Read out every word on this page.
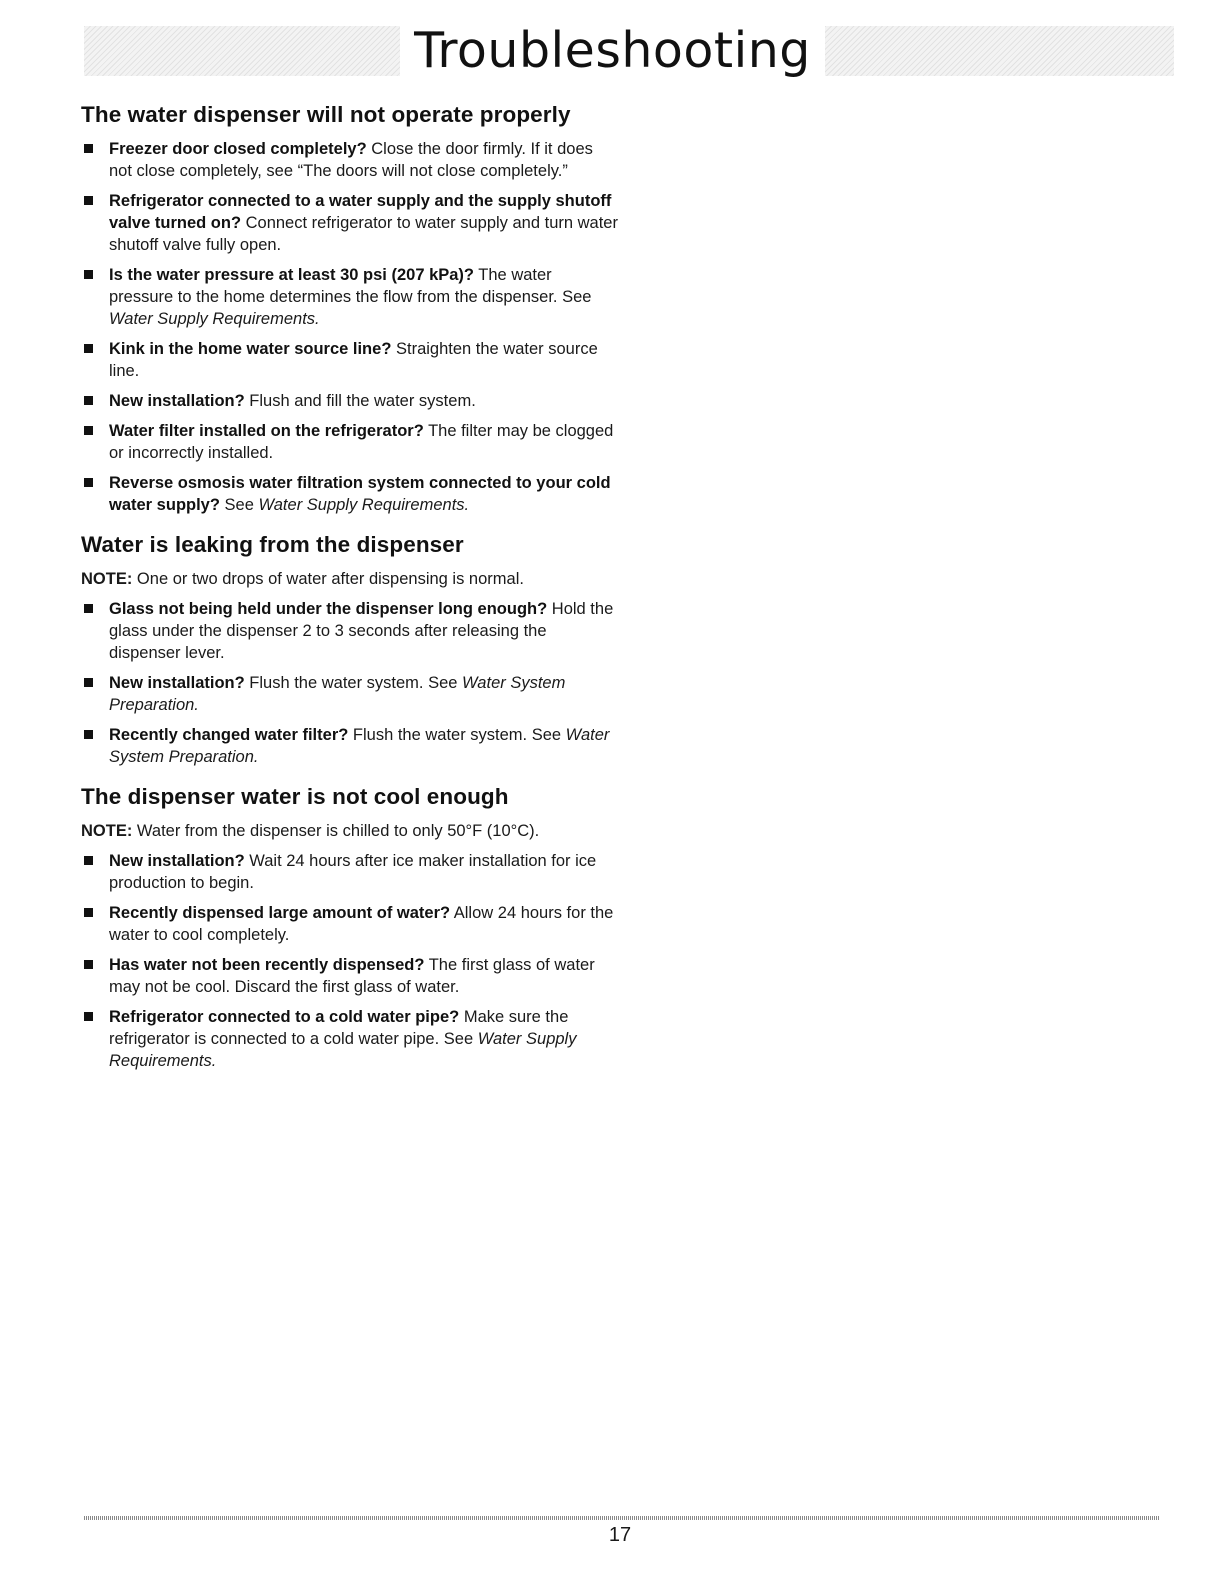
Troubleshooting
The water dispenser will not operate properly
Freezer door closed completely? Close the door firmly. If it does not close completely, see “The doors will not close completely.”
Refrigerator connected to a water supply and the supply shutoff valve turned on? Connect refrigerator to water supply and turn water shutoff valve fully open.
Is the water pressure at least 30 psi (207 kPa)? The water pressure to the home determines the flow from the dispenser. See Water Supply Requirements.
Kink in the home water source line? Straighten the water source line.
New installation? Flush and fill the water system.
Water filter installed on the refrigerator? The filter may be clogged or incorrectly installed.
Reverse osmosis water filtration system connected to your cold water supply? See Water Supply Requirements.
Water is leaking from the dispenser

NOTE: One or two drops of water after dispensing is normal.

Glass not being held under the dispenser long enough? Hold the glass under the dispenser 2 to 3 seconds after releasing the dispenser lever.
New installation? Flush the water system. See Water System Preparation.
Recently changed water filter? Flush the water system. See Water System Preparation.
The dispenser water is not cool enough

NOTE: Water from the dispenser is chilled to only 50°F (10°C).

New installation? Wait 24 hours after ice maker installation for ice production to begin.
Recently dispensed large amount of water? Allow 24 hours for the water to cool completely.
Has water not been recently dispensed? The first glass of water may not be cool. Discard the first glass of water.
Refrigerator connected to a cold water pipe? Make sure the refrigerator is connected to a cold water pipe. See Water Supply Requirements.

17
